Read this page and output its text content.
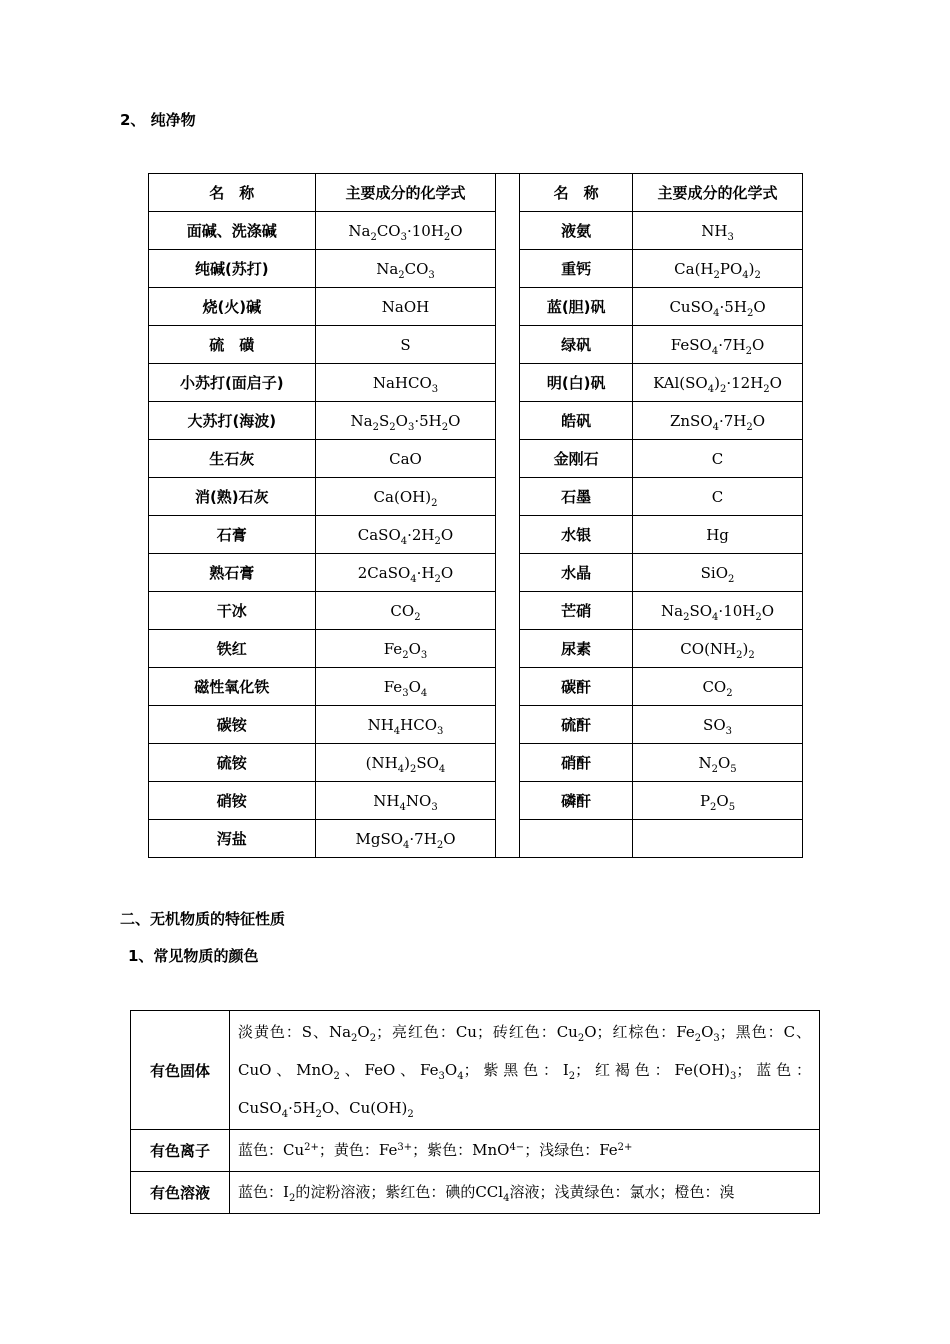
2、 纯净物
名　称	主要成分的化学式		名　称	主要成分的化学式
面碱、洗涤碱	$Na_2CO_3\cdot 10H_2O$		液氨	$NH_3$
纯碱(苏打)	$Na_2CO_3$		重钙	$Ca(H_2PO_4)_2$
烧(火)碱	NaOH		蓝(胆)矾	$CuSO_4\cdot 5H_2O$
硫　磺	S		绿矾	$FeSO_4\cdot 7H_2O$
小苏打(面启子)	NaHCO$_3$		明(白)矾	$KAl(SO_4)_2\cdot 12H_2O$
大苏打(海波)	$Na_2S_2O_3\cdot 5H_2O$		皓矾	$ZnSO_4\cdot 7H_2O$
生石灰	CaO		金刚石	C
消(熟)石灰	$Ca(OH)_2$		石墨	C
石膏	$CaSO_4\cdot 2H_2O$		水银	Hg
熟石膏	$2CaSO_4\cdot H_2O$		水晶	SiO$_2$
干冰	$CO_2$		芒硝	$Na_2SO_4\cdot 10H_2O$
铁红	$Fe_2O_3$		尿素	$CO(NH_2)_2$
磁性氧化铁	$Fe_3O_4$		碳酐	$CO_2$
碳铵	$NH_4HCO_3$		硫酐	$SO_3$
硫铵	$(NH_4)_2SO_4$		硝酐	$N_2O_5$
硝铵	$NH_4NO_3$		磷酐	$P_2O_5$
泻盐	$MgSO_4\cdot 7H_2O$			
二、无机物质的特征性质
1、常见物质的颜色
有色固体	淡黄色：S、$Na_2O_2$；亮红色：Cu；砖红色：$Cu_2O$；红棕色：$Fe_2O_3$；黑色：C、CuO、MnO$_2$、FeO、$Fe_3O_4$；紫黑色：$I_2$；红褐色：$Fe(OH)_3$；蓝色：$CuSO_4\cdot 5H_2O$、$Cu(OH)_2$
有色离子	蓝色：$Cu^{2+}$；黄色：$Fe^{3+}$；紫色：MnO$^{4-}$；浅绿色：$Fe^{2+}$
有色溶液	蓝色：$I_2$的淀粉溶液；紫红色：碘的CCl$_4$溶液；浅黄绿色：氯水；橙色：溴
